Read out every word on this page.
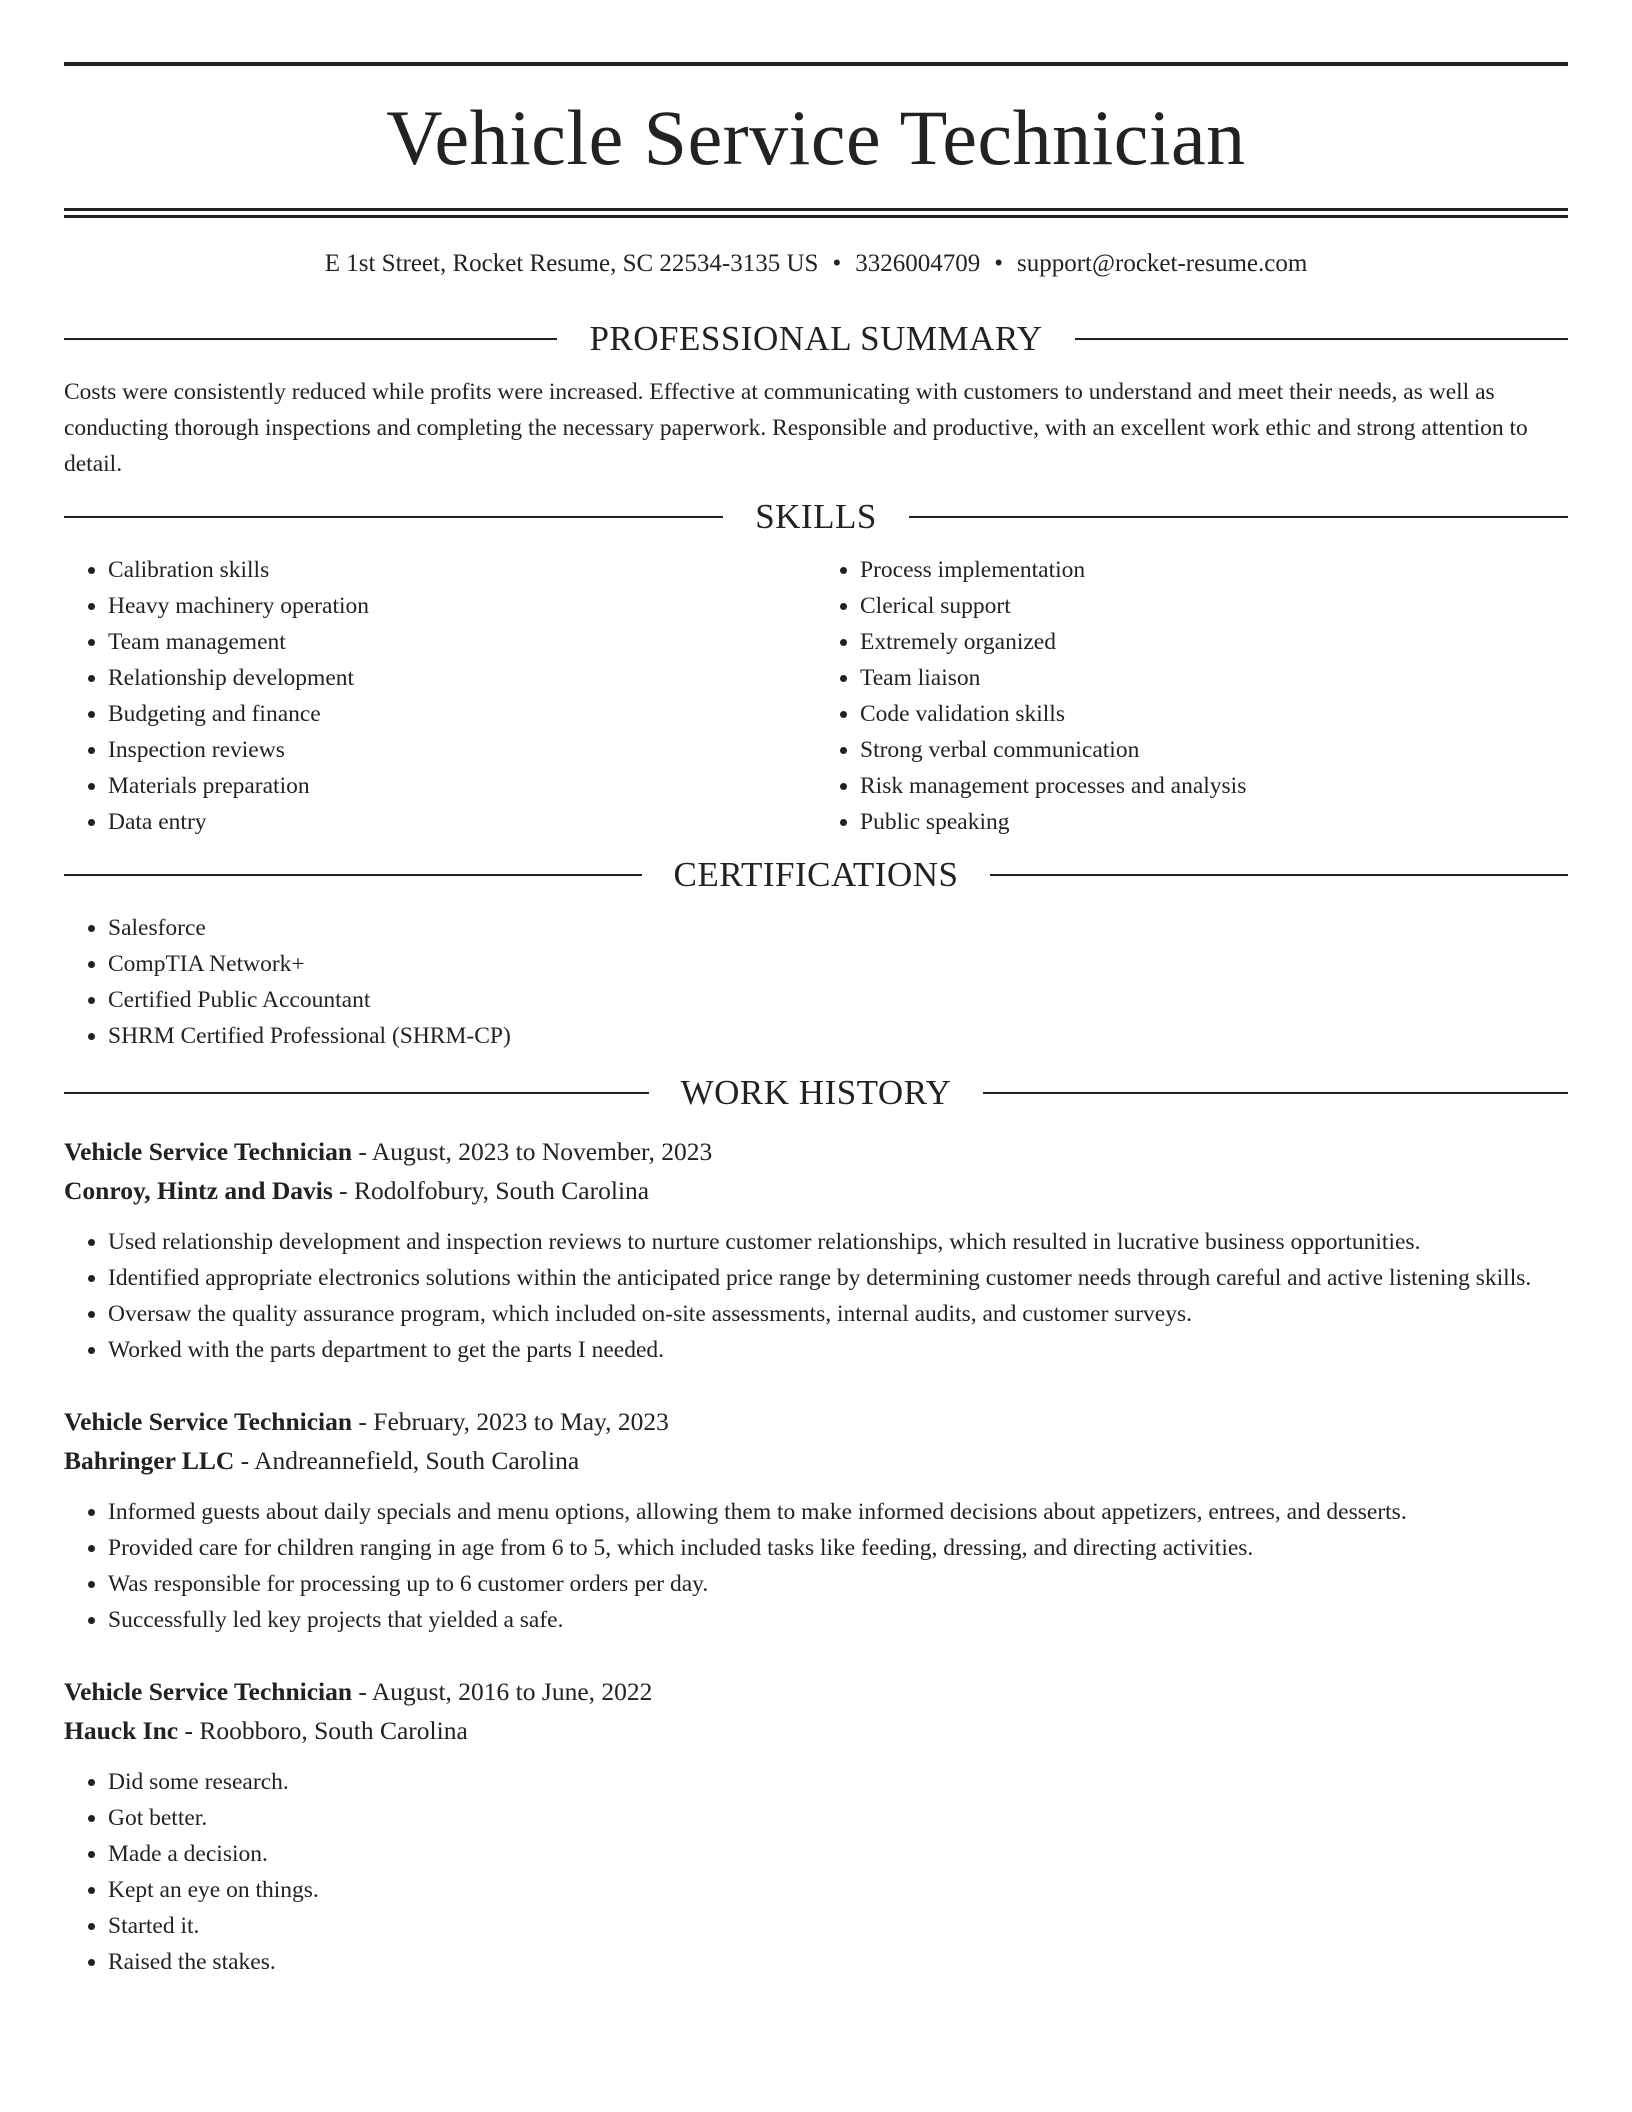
Vehicle Service Technician
E 1st Street, Rocket Resume, SC 22534-3135 US • 3326004709 • support@rocket-resume.com
PROFESSIONAL SUMMARY

Costs were consistently reduced while profits were increased. Effective at communicating with customers to understand and meet their needs, as well as conducting thorough inspections and completing the necessary paperwork. Responsible and productive, with an excellent work ethic and strong attention to detail.

SKILLS
• Calibration skills
• Heavy machinery operation
• Team management
• Relationship development
• Budgeting and finance
• Inspection reviews
• Materials preparation
• Data entry
• Process implementation
• Clerical support
• Extremely organized
• Team liaison
• Code validation skills
• Strong verbal communication
• Risk management processes and analysis
• Public speaking
CERTIFICATIONS
• Salesforce
• CompTIA Network+
• Certified Public Accountant
• SHRM Certified Professional (SHRM-CP)
WORK HISTORY
Vehicle Service Technician - August, 2023 to November, 2023
Conroy, Hintz and Davis - Rodolfobury, South Carolina
• Used relationship development and inspection reviews to nurture customer relationships, which resulted in lucrative business opportunities.
• Identified appropriate electronics solutions within the anticipated price range by determining customer needs through careful and active listening skills.
• Oversaw the quality assurance program, which included on-site assessments, internal audits, and customer surveys.
• Worked with the parts department to get the parts I needed.
Vehicle Service Technician - February, 2023 to May, 2023
Bahringer LLC - Andreannefield, South Carolina
• Informed guests about daily specials and menu options, allowing them to make informed decisions about appetizers, entrees, and desserts.
• Provided care for children ranging in age from 6 to 5, which included tasks like feeding, dressing, and directing activities.
• Was responsible for processing up to 6 customer orders per day.
• Successfully led key projects that yielded a safe.
Vehicle Service Technician - August, 2016 to June, 2022
Hauck Inc - Roobboro, South Carolina
• Did some research.
• Got better.
• Made a decision.
• Kept an eye on things.
• Started it.
• Raised the stakes.
